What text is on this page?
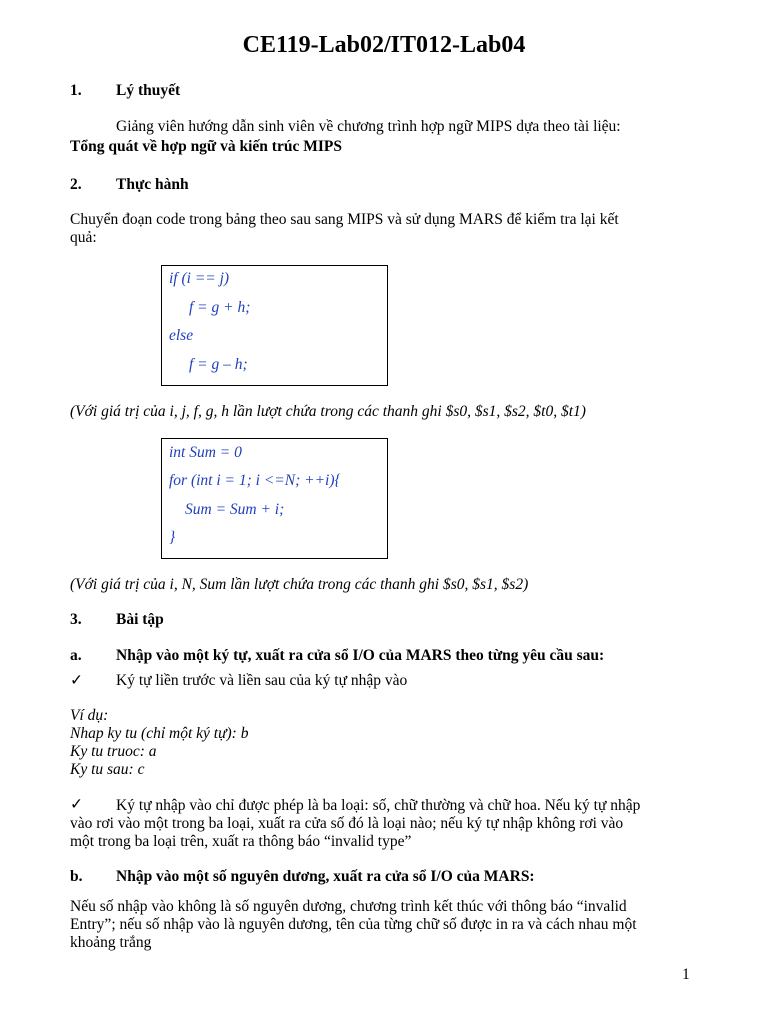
CE119-Lab02/IT012-Lab04
1. Lý thuyết
Giảng viên hướng dẫn sinh viên về chương trình hợp ngữ MIPS dựa theo tài liệu:
Tổng quát về hợp ngữ và kiến trúc MIPS
2. Thực hành
Chuyển đoạn code trong bảng theo sau sang MIPS và sử dụng MARS để kiểm tra lại kết
quả:
if (i == j)
f = g + h;
else
f = g – h;
(Với giá trị của i, j, f, g, h lần lượt chứa trong các thanh ghi $s0, $s1, $s2, $t0, $t1)
int Sum = 0
for (int i = 1; i <=N; ++i){
Sum = Sum + i;
}
(Với giá trị của i, N, Sum lần lượt chứa trong các thanh ghi $s0, $s1, $s2)
3. Bài tập
a. Nhập vào một ký tự, xuất ra cửa sổ I/O của MARS theo từng yêu cầu sau:
✓ Ký tự liền trước và liền sau của ký tự nhập vào
Ví dụ:
Nhap ky tu (chỉ một ký tự): b
Ky tu truoc: a
Ky tu sau: c
✓ Ký tự nhập vào chỉ được phép là ba loại: số, chữ thường và chữ hoa. Nếu ký tự nhập
vào rơi vào một trong ba loại, xuất ra cửa số đó là loại nào; nếu ký tự nhập không rơi vào
một trong ba loại trên, xuất ra thông báo “invalid type”
b. Nhập vào một số nguyên dương, xuất ra cửa sổ I/O của MARS:
Nếu số nhập vào không là số nguyên dương, chương trình kết thúc với thông báo “invalid
Entry”; nếu số nhập vào là nguyên dương, tên của từng chữ số được in ra và cách nhau một
khoảng trắng
1
